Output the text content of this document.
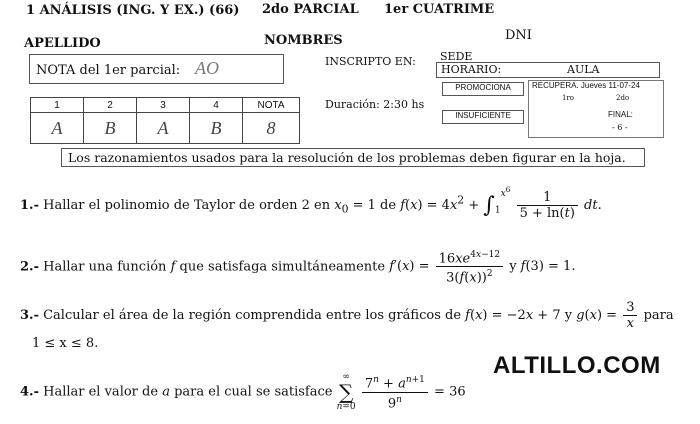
1 ANÁLISIS (ING. Y EX.) (66) 2do PARCIAL 1er CUATRIME
APELLIDO	NOMBRES	DNI
NOTA del 1er parcial: AO	INSCRIPTO EN: SEDE
HORARIO:	AULA
1	2	3	4	NOTA
A	B	A	B	8
Duración: 2:30 hs
PROMOCIONA	RECUPERA. Jueves 11-07-24
1ro	2do
INSUFICIENTE	FINAL:
- 6 -
Los razonamientos usados para la resolución de los problemas deben figurar en la hoja.
1.- Hallar el polinomio de Taylor de orden 2 en $x_0 = 1$ de $f(x) = 4x^2 + \int_1^{x^6}$
$\frac{1}{5 + \ln(t)}$ dt.
2.- Hallar una función f que satisfaga simultáneamente $f'(x) = \frac{16xe^{4x-12}}{3(f(x))^2}$ y f(3) = 1.
3.- Calcular el área de la región comprendida entre los gráficos de f(x) = −2x + 7 y $g(x) = \frac{3}{x}$ para
1 ≤ x ≤ 8.
4.- Hallar el valor de a para el cual se satisface ∞
∑
$n=0 \frac{7^n + a^{n+1}}{9^n} = 36$
ALTILLO.COM
